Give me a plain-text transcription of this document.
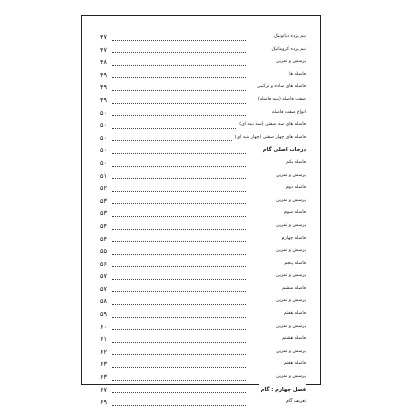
۴۷	نیم پرده دیاتونیک
۴۷	نیم پرده کروماتیک
۴۸	پرسش و تمرین
۴۹	فاصله ها
۴۹	فاصله های ساده و ترکیبی
۴۹	صفت فاصله (بنیه فاصله)
۵۰	انواع صفت فاصله
۵۰	فاصله های سه صفتی (سه بنیه ای)
۵۰	فاصله های چهار صفتی (چهار بنیه ای)
۵۰	درجات اصلی گام
۵۰	فاصله یکم
۵۱	پرسش و تمرین
۵۲	فاصله دوم
۵۳	پرسش و تمرین
۵۳	فاصله سوم
۵۴	پرسش و تمرین
۵۴	فاصله چهارم
۵۵	پرسش و تمرین
۵۶	فاصله پنجم
۵۷	پرسش و تمرین
۵۷	فاصله ششم
۵۸	پرسش و تمرین
۵۹	فاصله هفتم
۶۰	پرسش و تمرین
۶۱	فاصله هشتم
۶۲	پرسش و تمرین
۶۳	فاصله هفتم
۶۳	پرسش و تمرین
۶۷	فصل چهارم : گام
۶۹	تعریف گام
